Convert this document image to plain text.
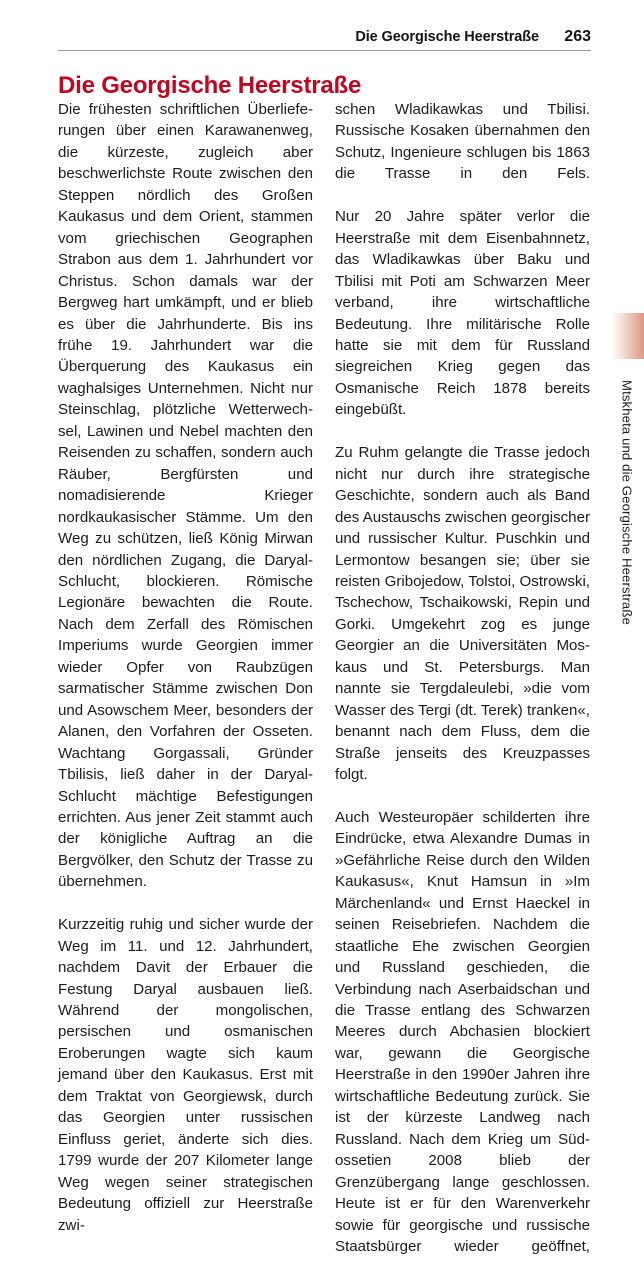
Die Georgische Heerstraße 263
Die Georgische Heerstraße

Die frühesten schriftlichen Überlieferungen über einen Karawanenweg, die kürzeste, zugleich aber beschwerlichste Route zwischen den Steppen nördlich des Großen Kaukasus und dem Orient, stammen vom griechischen Geographen Strabon aus dem 1. Jahrhundert vor Christus. Schon damals war der Bergweg hart umkämpft, und er blieb es über die Jahrhunderte. Bis ins frühe 19. Jahrhundert war die Überquerung des Kaukasus ein waghalsiges Unternehmen. Nicht nur Steinschlag, plötzliche Wetterwechsel, Lawinen und Nebel machten den Reisenden zu schaffen, sondern auch Räuber, Bergfürsten und nomadisierende Krieger nordkaukasischer Stämme. Um den Weg zu schützen, ließ König Mirwan den nördlichen Zugang, die Daryal-Schlucht, blockieren. Römische Legionäre bewachten die Route. Nach dem Zerfall des Römischen Imperiums wurde Georgien immer wieder Opfer von Raubzügen sarmatischer Stämme zwischen Don und Asowschem Meer, besonders der Alanen, den Vorfahren der Osseten. Wachtang Gorgassali, Gründer Tbilisis, ließ daher in der Daryal-Schlucht mächtige Befestigungen errichten. Aus jener Zeit stammt auch der königliche Auftrag an die Bergvölker, den Schutz der Trasse zu übernehmen.

Kurzzeitig ruhig und sicher wurde der Weg im 11. und 12. Jahrhundert, nachdem Davit der Erbauer die Festung Daryal ausbauen ließ. Während der mongolischen, persischen und osmanischen Eroberungen wagte sich kaum jemand über den Kaukasus. Erst mit dem Traktat von Georgiewsk, durch das Georgien unter russischen Einfluss geriet, änderte sich dies. 1799 wurde der 207 Kilometer lange Weg wegen seiner strategischen Bedeutung offiziell zur Heerstraße zwi

schen Wladikawkas und Tbilisi. Russische Kosaken übernahmen den Schutz, Ingenieure schlugen bis 1863 die Trasse in den Fels.

Nur 20 Jahre später verlor die Heerstraße mit dem Eisenbahnnetz, das Wladikawkas über Baku und Tbilisi mit Poti am Schwarzen Meer verband, ihre wirtschaftliche Bedeutung. Ihre militärische Rolle hatte sie mit dem für Russland siegreichen Krieg gegen das Osmanische Reich 1878 bereits eingebüßt.

Zu Ruhm gelangte die Trasse jedoch nicht nur durch ihre strategische Geschichte, sondern auch als Band des Austauschs zwischen georgischer und russischer Kultur. Puschkin und Lermontow besangen sie; über sie reisten Gribojedow, Tolstoi, Ostrowski, Tschechow, Tschaikowski, Repin und Gorki. Umgekehrt zog es junge Georgier an die Universitäten Moskaus und St. Petersburgs. Man nannte sie Tergdaleulebi, »die vom Wasser des Tergi (dt. Terek) tranken«, benannt nach dem Fluss, dem die Straße jenseits des Kreuzpasses folgt.

Auch Westeuropäer schilderten ihre Eindrücke, etwa Alexandre Dumas in »Gefährliche Reise durch den Wilden Kaukasus«, Knut Hamsun in »Im Märchenland« und Ernst Haeckel in seinen Reisebriefen. Nachdem die staatliche Ehe zwischen Georgien und Russland geschieden, die Verbindung nach Aserbaidschan und die Trasse entlang des Schwarzen Meeres durch Abchasien blockiert war, gewann die Georgische Heerstraße in den 1990er Jahren ihre wirtschaftliche Bedeutung zurück. Sie ist der kürzeste Landweg nach Russland. Nach dem Krieg um Südossetien 2008 blieb der Grenzübergang lange geschlossen. Heute ist er für den Warenverkehr sowie für georgische und russische Staatsbürger wieder geöffnet,

Mtskheta und die Georgische Heerstraße
